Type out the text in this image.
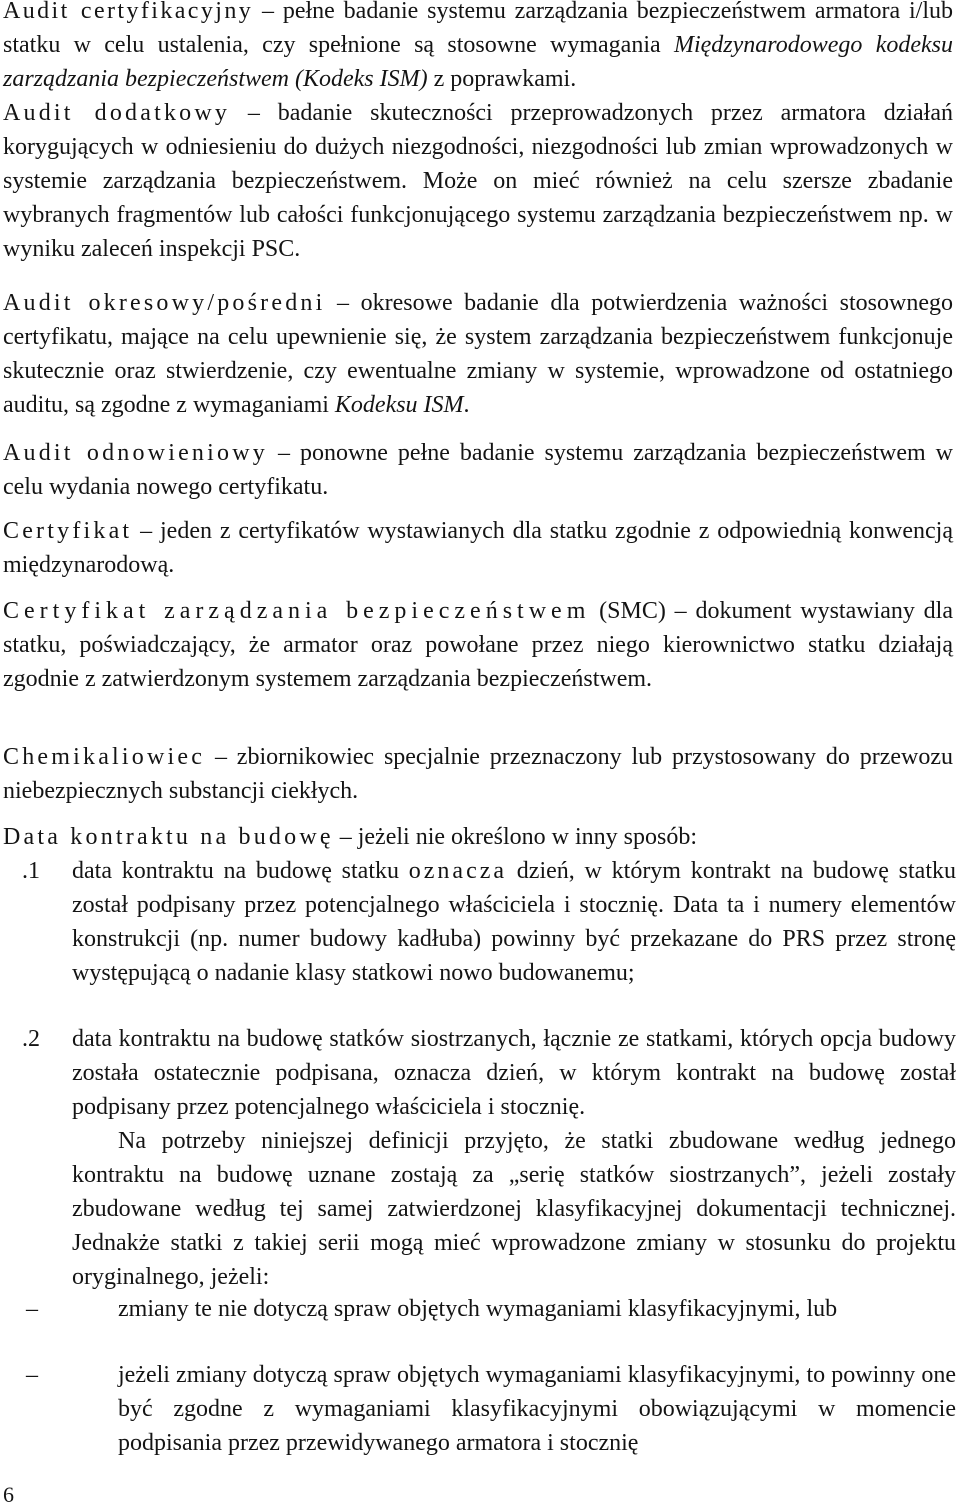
Audit certyfikacyjny – pełne badanie systemu zarządzania bezpieczeństwem armatora i/lub statku w celu ustalenia, czy spełnione są stosowne wymagania Międzynarodowego kodeksu zarządzania bezpieczeństwem (Kodeks ISM) z poprawkami.

Audit dodatkowy – badanie skuteczności przeprowadzonych przez armatora działań korygujących w odniesieniu do dużych niezgodności, niezgodności lub zmian wprowadzonych w systemie zarządzania bezpieczeństwem. Może on mieć również na celu szersze zbadanie wybranych fragmentów lub całości funkcjonującego systemu zarządzania bezpieczeństwem np. w wyniku zaleceń inspekcji PSC.

Audit okresowy/pośredni – okresowe badanie dla potwierdzenia ważności stosownego certyfikatu, mające na celu upewnienie się, że system zarządzania bezpieczeństwem funkcjonuje skutecznie oraz stwierdzenie, czy ewentualne zmiany w systemie, wprowadzone od ostatniego auditu, są zgodne z wymaganiami Kodeksu ISM.

Audit odnowieniowy – ponowne pełne badanie systemu zarządzania bezpieczeństwem w celu wydania nowego certyfikatu.

Certyfikat – jeden z certyfikatów wystawianych dla statku zgodnie z odpowiednią konwencją międzynarodową.

Certyfikat zarządzania bezpieczeństwem (SMC) – dokument wystawiany dla statku, poświadczający, że armator oraz powołane przez niego kierownictwo statku działają zgodnie z zatwierdzonym systemem zarządzania bezpieczeństwem.

Chemikaliowiec – zbiornikowiec specjalnie przeznaczony lub przystosowany do przewozu niebezpiecznych substancji ciekłych.

Data kontraktu na budowę – jeżeli nie określono w inny sposób:

.1 data kontraktu na budowę statku oznacza dzień, w którym kontrakt na budowę statku został podpisany przez potencjalnego właściciela i stocznię. Data ta i numery elementów konstrukcji (np. numer budowy kadłuba) powinny być przekazane do PRS przez stronę występującą o nadanie klasy statkowi nowo budowanemu;

.2 data kontraktu na budowę statków siostrzanych, łącznie ze statkami, których opcja budowy została ostatecznie podpisana, oznacza dzień, w którym kontrakt na budowę został podpisany przez potencjalnego właściciela i stocznię.

Na potrzeby niniejszej definicji przyjęto, że statki zbudowane według jednego kontraktu na budowę uznane zostają za „serię statków siostrzanych”, jeżeli zostały zbudowane według tej samej zatwierdzonej klasyfikacyjnej dokumentacji technicznej. Jednakże statki z takiej serii mogą mieć wprowadzone zmiany w stosunku do projektu oryginalnego, jeżeli:

–	zmiany te nie dotyczą spraw objętych wymaganiami klasyfikacyjnymi, lub

–	jeżeli zmiany dotyczą spraw objętych wymaganiami klasyfikacyjnymi, to powinny one być zgodne z wymaganiami klasyfikacyjnymi obowiązującymi w momencie podpisania przez przewidywanego armatora i stocznię

6
